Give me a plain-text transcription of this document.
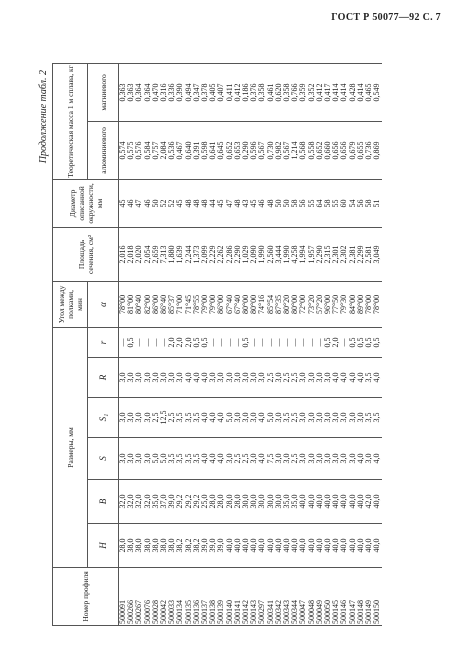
ГОСТ Р 50077—92 С. 7
Продолжение табл. 2
Номер профиля	Размеры, мм						Угол между полками, мин	Площадь сечения, см²	Диаметр описанной окружности, мм	Теоретическая масса 1 м сплава, кг	
	H	B	S	S₁	R	r	α			алюминиевого	магниевого
500091	28,0	32,0	3,0	3,0	3,0	—	78°00	2,016	45	0,574	0,363
500266	38,0	32,0	3,0	3,0	3,0	0,5	81°00	2,018	46	0,575	0,363
500267	38,0	32,0	3,0	3,0	3,0	—	80°40	2,020	47	0,576	0,364
500076	38,0	32,0	3,0	3,0	3,0	—	82°00	2,054	46	0,584	0,364
500028	38,0	35,0	5,0	2,5	3,0	—	86°00	2,659	50	0,757	0,470
500042	38,0	37,0	5,0	12,5	3,0	—	86°40	7,313	52	2,084	0,316
500033	38,0	39,0	3,5	2,5	3,0	2,0	85°37	1,880	52	0,536	0,336
500134	38,2	29,2	3,5	3,5	3,0	2,0	71°00	1,639	45	0,467	0,390
500135	38,2	29,2	3,5	3,5	4,0	2,0	71°45	2,244	48	0,640	0,494
500136	38,2	29,2	3,5	3,5	4,0	0,5	78°55	1,373	48	0,391	0,347
500137	39,0	25,0	4,0	4,0	4,0	0,5	79°00	2,099	48	0,598	0,378
500138	39,0	28,0	4,0	4,0	3,0	—	79°00	2,229	44	0,641	0,405
500139	39,0	28,0	4,0	4,0	3,0	—	86°00	2,262	45	0,645	0,407
500140	40,0	28,0	3,0	5,0	3,0	—	67°40	2,286	47	0,652	0,411
500141	40,0	28,0	2,5	3,0	3,0	—	67°40	2,290	48	0,653	0,412
500142	40,0	30,0	2,5	3,0	3,0	0,5	80°00	1,029	43	0,290	0,186
500143	40,0	30,0	3,0	3,0	3,0	—	80°00	2,090	45	0,596	0,376
500297	40,0	30,0	4,0	4,0	3,0	—	74°16	1,990	46	0,567	0,358
500341	40,0	30,0	7,5	5,0	2,5	—	85°54	2,560	48	0,730	0,461
500342	40,0	30,0	3,0	3,0	3,0	—	87°35	3,444	50	0,982	0,620
500343	40,0	35,0	3,0	3,5	2,5	—	80°20	1,990	50	0,567	0,358
500344	40,0	35,0	2,5	2,5	2,5	—	80°00	4,258	58	1,214	0,766
500047	40,0	40,0	3,0	3,0	3,0	—	72°00	1,994	56	0,568	0,359
500048	40,0	40,0	3,0	3,0	3,0	—	73°20	1,957	55	0,558	0,352
500049	40,0	40,0	3,0	3,0	3,0	—	57°20	2,290	64	0,652	0,412
500050	40,0	40,0	3,0	3,0	3,0	0,5	96°00	2,315	58	0,660	0,417
500145	40,0	40,0	3,0	3,0	4,0	2,0	77°50	2,301	55	0,656	0,414
500146	40,0	40,0	3,0	3,0	4,0	—	79°30	2,302	60	0,656	0,414
500147	40,0	40,0	3,0	3,0	4,0	0,5	84°00	2,381	54	0,679	0,428
500148	40,0	40,0	4,0	3,0	4,0	0,5	89°00	2,299	56	0,655	0,414
500149	40,0	42,0	3,0	3,5	3,5	0,5	78°00	2,581	58	0,736	0,465
500150	40,0	40,0	4,0	3,5	4,0	0,5	78°00	3,049	51	0,869	0,549
